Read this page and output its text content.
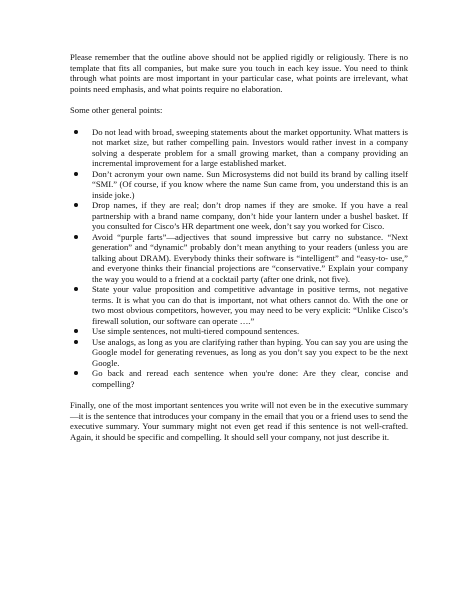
Please remember that the outline above should not be applied rigidly or religiously. There is no template that fits all companies, but make sure you touch in each key issue. You need to think through what points are most important in your particular case, what points are irrelevant, what points need emphasis, and what points require no elaboration.

Some other general points:

Do not lead with broad, sweeping statements about the market opportunity. What matters is not market size, but rather compelling pain. Investors would rather invest in a company solving a desperate problem for a small growing market, than a company providing an incremental improvement for a large established market.
Don’t acronym your own name. Sun Microsystems did not build its brand by calling itself “SMI.” (Of course, if you know where the name Sun came from, you understand this is an inside joke.)
Drop names, if they are real; don’t drop names if they are smoke. If you have a real partnership with a brand name company, don’t hide your lantern under a bushel basket. If you consulted for Cisco’s HR department one week, don’t say you worked for Cisco.
Avoid “purple farts”—adjectives that sound impressive but carry no substance. “Next generation” and “dynamic” probably don’t mean anything to your readers (unless you are talking about DRAM). Everybody thinks their software is “intelligent” and “easy-to- use,” and everyone thinks their financial projections are “conservative.” Explain your company the way you would to a friend at a cocktail party (after one drink, not five).
State your value proposition and competitive advantage in positive terms, not negative terms. It is what you can do that is important, not what others cannot do. With the one or two most obvious competitors, however, you may need to be very explicit: “Unlike Cisco’s firewall solution, our software can operate ….”
Use simple sentences, not multi-tiered compound sentences.
Use analogs, as long as you are clarifying rather than hyping. You can say you are using the Google model for generating revenues, as long as you don’t say you expect to be the next Google.
Go back and reread each sentence when you're done: Are they clear, concise and compelling?

Finally, one of the most important sentences you write will not even be in the executive summary—it is the sentence that introduces your company in the email that you or a friend uses to send the executive summary. Your summary might not even get read if this sentence is not well-crafted. Again, it should be specific and compelling. It should sell your company, not just describe it.
